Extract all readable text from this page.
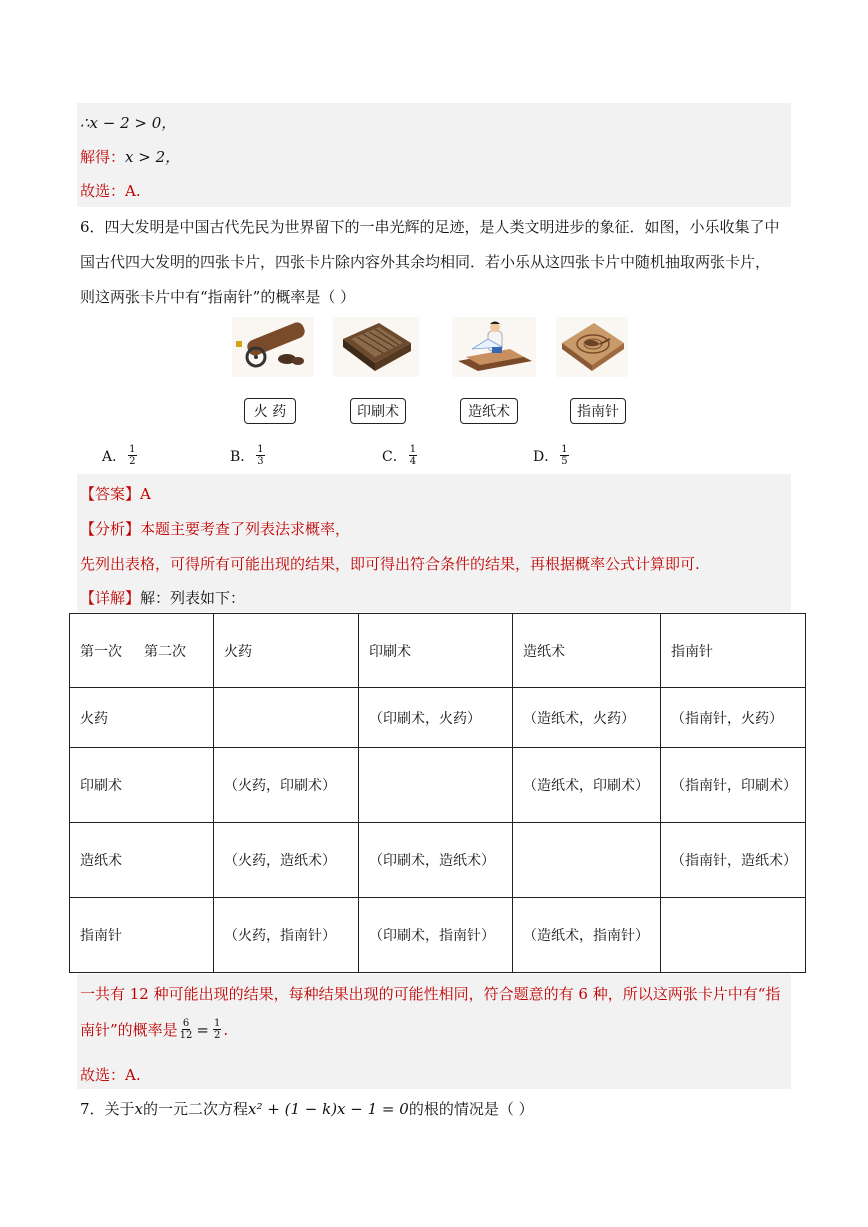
∴x − 2 > 0，
解得：x > 2，
故选：A.
6．四大发明是中国古代先民为世界留下的一串光辉的足迹，是人类文明进步的象征．如图，小乐收集了中
国古代四大发明的四张卡片，四张卡片除内容外其余均相同．若小乐从这四张卡片中随机抽取两张卡片，
则这两张卡片中有“指南针”的概率是（ ）
火 药	印刷术	造纸术	指南针
A． $\frac{1}{2}$	B． $\frac{1}{3}$	C． $\frac{1}{4}$	D． $\frac{1}{5}$
【答案】A
【分析】本题主要考查了列表法求概率，
先列出表格，可得所有可能出现的结果，即可得出符合条件的结果，再根据概率公式计算即可.
【详解】解：列表如下：
第一次 第二次	火药	印刷术	造纸术	指南针
火药		（印刷术，火药）	（造纸术，火药）	（指南针，火药）
印刷术	（火药，印刷术）		（造纸术，印刷术）	（指南针，印刷术）
造纸术	（火药，造纸术）	（印刷术，造纸术）		（指南针，造纸术）
指南针	（火药，指南针）	（印刷术，指南针）	（造纸术，指南针）	
一共有 12 种可能出现的结果，每种结果出现的可能性相同，符合题意的有 6 种，所以这两张卡片中有“指
南针”的概率是 $\frac{6}{12} = \frac{1}{2}$ .
故选：A.
7．关于x的一元二次方程x² + (1 − k)x − 1 = 0的根的情况是（ ）
